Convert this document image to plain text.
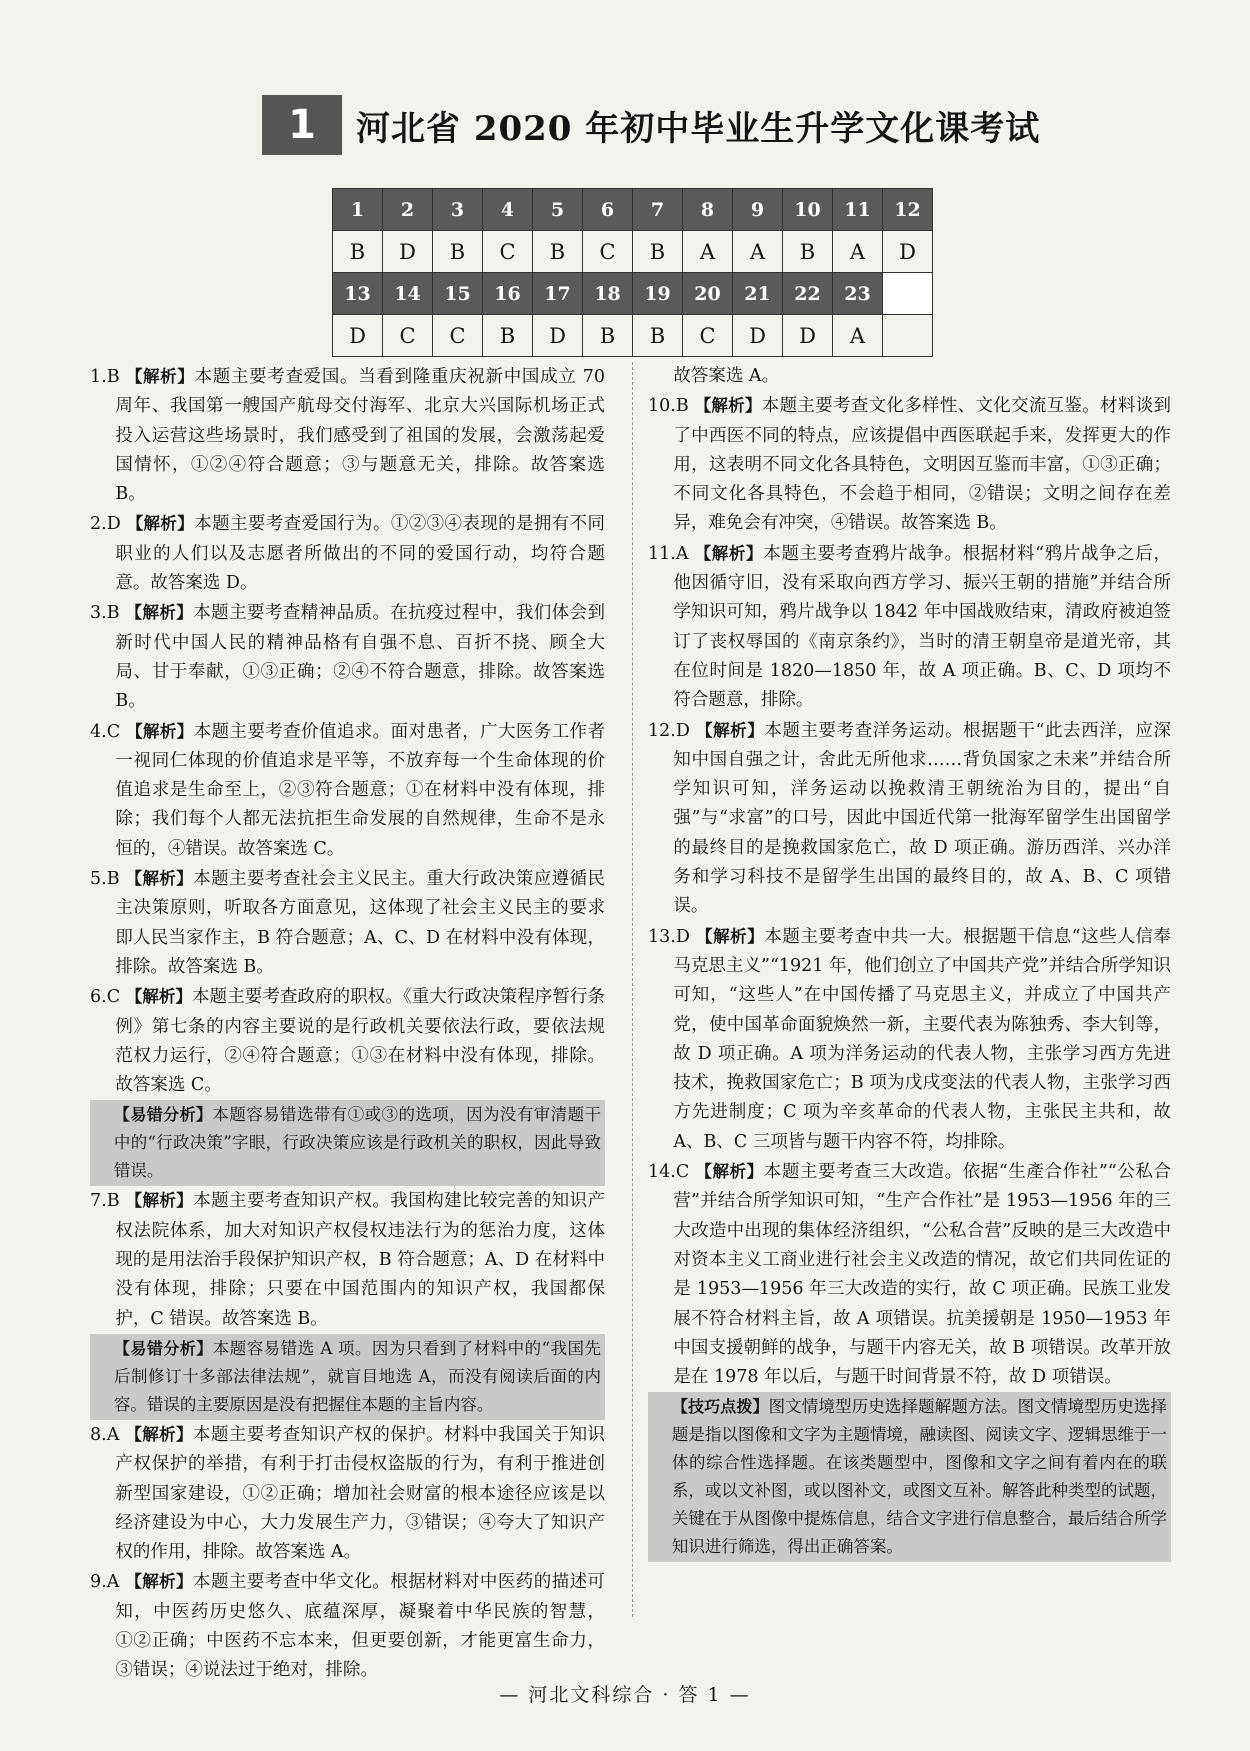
1	河北省 2020 年初中毕业生升学文化课考试
1	2	3	4	5	6	7	8	9	10	11	12
B	D	B	C	B	C	B	A	A	B	A	D
13	14	15	16	17	18	19	20	21	22	23	
D	C	C	B	D	B	B	C	D	D	A	

1.B 【解析】本题主要考查爱国。当看到隆重庆祝新中国成立 70 周年、我国第一艘国产航母交付海军、北京大兴国际机场正式投入运营这些场景时，我们感受到了祖国的发展，会激荡起爱国情怀，①②④符合题意；③与题意无关，排除。故答案选 B。

2.D 【解析】本题主要考查爱国行为。①②③④表现的是拥有不同职业的人们以及志愿者所做出的不同的爱国行动，均符合题意。故答案选 D。

3.B 【解析】本题主要考查精神品质。在抗疫过程中，我们体会到新时代中国人民的精神品格有自强不息、百折不挠、顾全大局、甘于奉献，①③正确；②④不符合题意，排除。故答案选 B。

4.C 【解析】本题主要考查价值追求。面对患者，广大医务工作者一视同仁体现的价值追求是平等，不放弃每一个生命体现的价值追求是生命至上，②③符合题意；①在材料中没有体现，排除；我们每个人都无法抗拒生命发展的自然规律，生命不是永恒的，④错误。故答案选 C。

5.B 【解析】本题主要考查社会主义民主。重大行政决策应遵循民主决策原则，听取各方面意见，这体现了社会主义民主的要求即人民当家作主，B 符合题意；A、C、D 在材料中没有体现，排除。故答案选 B。

6.C 【解析】本题主要考查政府的职权。《重大行政决策程序暂行条例》第七条的内容主要说的是行政机关要依法行政，要依法规范权力运行，②④符合题意；①③在材料中没有体现，排除。故答案选 C。

【易错分析】本题容易错选带有①或③的选项，因为没有审清题干中的“行政决策”字眼，行政决策应该是行政机关的职权，因此导致错误。

7.B 【解析】本题主要考查知识产权。我国构建比较完善的知识产权法院体系，加大对知识产权侵权违法行为的惩治力度，这体现的是用法治手段保护知识产权，B 符合题意；A、D 在材料中没有体现，排除；只要在中国范围内的知识产权，我国都保护，C 错误。故答案选 B。

【易错分析】本题容易错选 A 项。因为只看到了材料中的“我国先后制修订十多部法律法规”，就盲目地选 A，而没有阅读后面的内容。错误的主要原因是没有把握住本题的主旨内容。

8.A 【解析】本题主要考查知识产权的保护。材料中我国关于知识产权保护的举措，有利于打击侵权盗版的行为，有利于推进创新型国家建设，①②正确；增加社会财富的根本途径应该是以经济建设为中心，大力发展生产力，③错误；④夸大了知识产权的作用，排除。故答案选 A。

9.A 【解析】本题主要考查中华文化。根据材料对中医药的描述可知，中医药历史悠久、底蕴深厚，凝聚着中华民族的智慧，①②正确；中医药不忘本来，但更要创新，才能更富生命力，③错误；④说法过于绝对，排除。

故答案选 A。

10.B 【解析】本题主要考查文化多样性、文化交流互鉴。材料谈到了中西医不同的特点，应该提倡中西医联起手来，发挥更大的作用，这表明不同文化各具特色，文明因互鉴而丰富，①③正确；不同文化各具特色，不会趋于相同，②错误；文明之间存在差异，难免会有冲突，④错误。故答案选 B。

11.A 【解析】本题主要考查鸦片战争。根据材料“鸦片战争之后，他因循守旧，没有采取向西方学习、振兴王朝的措施”并结合所学知识可知，鸦片战争以 1842 年中国战败结束，清政府被迫签订了丧权辱国的《南京条约》，当时的清王朝皇帝是道光帝，其在位时间是 1820—1850 年，故 A 项正确。B、C、D 项均不符合题意，排除。

12.D 【解析】本题主要考查洋务运动。根据题干“此去西洋，应深知中国自强之计，舍此无所他求……背负国家之未来”并结合所学知识可知，洋务运动以挽救清王朝统治为目的，提出“自强”与“求富”的口号，因此中国近代第一批海军留学生出国留学的最终目的是挽救国家危亡，故 D 项正确。游历西洋、兴办洋务和学习科技不是留学生出国的最终目的，故 A、B、C 项错误。

13.D 【解析】本题主要考查中共一大。根据题干信息“这些人信奉马克思主义”“1921 年，他们创立了中国共产党”并结合所学知识可知，“这些人”在中国传播了马克思主义，并成立了中国共产党，使中国革命面貌焕然一新，主要代表为陈独秀、李大钊等，故 D 项正确。A 项为洋务运动的代表人物，主张学习西方先进技术，挽救国家危亡；B 项为戊戌变法的代表人物，主张学习西方先进制度；C 项为辛亥革命的代表人物，主张民主共和，故 A、B、C 三项皆与题干内容不符，均排除。

14.C 【解析】本题主要考查三大改造。依据“生產合作社”“公私合营”并结合所学知识可知，“生产合作社”是 1953—1956 年的三大改造中出现的集体经济组织，“公私合营”反映的是三大改造中对资本主义工商业进行社会主义改造的情况，故它们共同佐证的是 1953—1956 年三大改造的实行，故 C 项正确。民族工业发展不符合材料主旨，故 A 项错误。抗美援朝是 1950—1953 年中国支援朝鲜的战争，与题干内容无关，故 B 项错误。改革开放是在 1978 年以后，与题干时间背景不符，故 D 项错误。

【技巧点拨】图文情境型历史选择题解题方法。图文情境型历史选择题是指以图像和文字为主题情境，融读图、阅读文字、逻辑思维于一体的综合性选择题。在该类题型中，图像和文字之间有着内在的联系，或以文补图，或以图补文，或图文互补。解答此种类型的试题，关键在于从图像中提炼信息，结合文字进行信息整合，最后结合所学知识进行筛选，得出正确答案。

— 河北文科综合 · 答 1 —
